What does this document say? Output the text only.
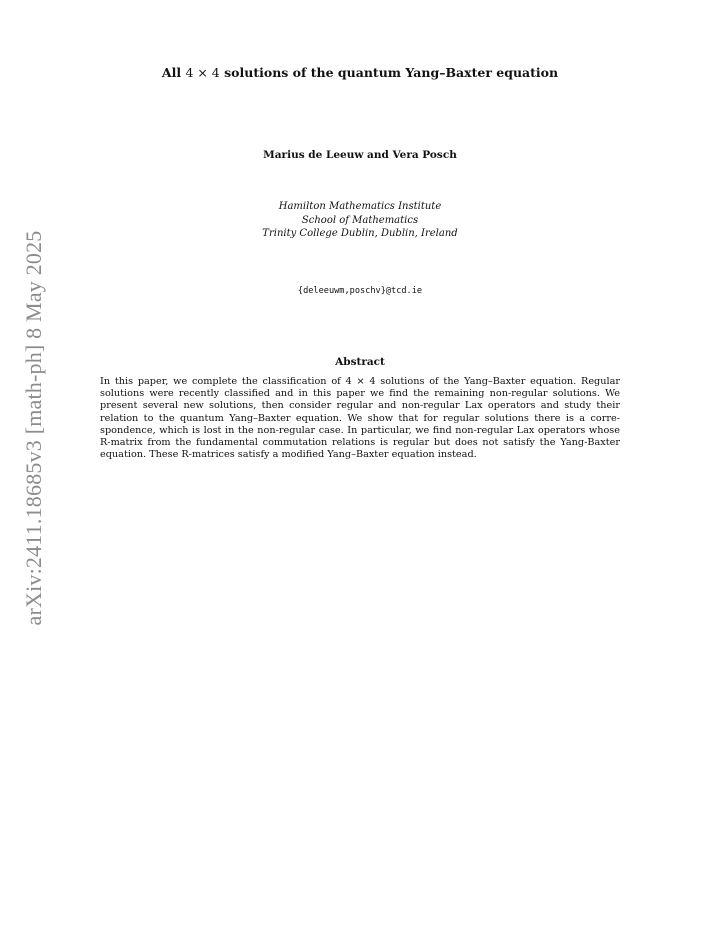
arXiv:2411.18685v3 [math-ph] 8 May 2025
All 4 × 4 solutions of the quantum Yang–Baxter equation
Marius de Leeuw and Vera Posch
Hamilton Mathematics Institute
School of Mathematics
Trinity College Dublin, Dublin, Ireland
{deleeuwm,poschv}@tcd.ie
Abstract
In this paper, we complete the classification of 4 × 4 solutions of the Yang–Baxter equation. Regular
solutions were recently classified and in this paper we find the remaining non-regular solutions. We
present several new solutions, then consider regular and non-regular Lax operators and study their
relation to the quantum Yang–Baxter equation. We show that for regular solutions there is a corre-
spondence, which is lost in the non-regular case. In particular, we find non-regular Lax operators whose
R-matrix from the fundamental commutation relations is regular but does not satisfy the Yang-Baxter
equation. These R-matrices satisfy a modified Yang–Baxter equation instead.
